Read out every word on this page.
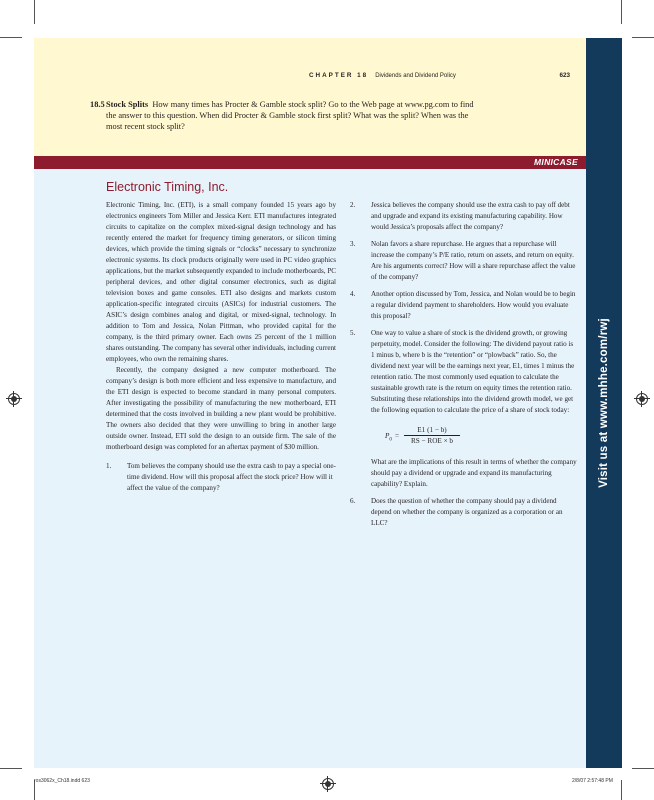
Visit us at www.mhhe.com/rwj
MINICASE
CHAPTER 18 Dividends and Dividend Policy	623
18.5 Stock Splits How many times has Procter & Gamble stock split? Go to the Web page at www.pg.com to find the answer to this question. When did Procter & Gamble stock first split? What was the split? When was the most recent stock split?
Electronic Timing, Inc.

Electronic Timing, Inc. (ETI), is a small company founded 15 years ago by electronics engineers Tom Miller and Jessica Kerr. ETI manufactures integrated circuits to capitalize on the complex mixed-signal design technology and has recently entered the market for frequency timing generators, or silicon timing devices, which provide the timing signals or “clocks” necessary to synchronize electronic systems. Its clock products originally were used in PC video graphics applications, but the market subsequently expanded to include motherboards, PC peripheral devices, and other digital consumer electronics, such as digital television boxes and game consoles. ETI also designs and markets custom application-specific integrated circuits (ASICs) for industrial customers. The ASIC’s design combines analog and digital, or mixed-signal, technology. In addition to Tom and Jessica, Nolan Pittman, who provided capital for the company, is the third primary owner. Each owns 25 percent of the 1 million shares outstanding. The company has several other individuals, including current employees, who own the remaining shares.

Recently, the company designed a new computer motherboard. The company’s design is both more efficient and less expensive to manufacture, and the ETI design is expected to become standard in many personal computers. After investigating the possibility of manufacturing the new motherboard, ETI determined that the costs involved in building a new plant would be prohibitive. The owners also decided that they were unwilling to bring in another large outside owner. Instead, ETI sold the design to an outside firm. The sale of the motherboard design was completed for an aftertax payment of $30 million.

1. Tom believes the company should use the extra cash to pay a special one-time dividend. How will this proposal affect the stock price? How will it affect the value of the company?

2. Jessica believes the company should use the extra cash to pay off debt and upgrade and expand its existing manufacturing capability. How would Jessica’s proposals affect the company?

3. Nolan favors a share repurchase. He argues that a repurchase will increase the company’s P/E ratio, return on assets, and return on equity. Are his arguments correct? How will a share repurchase affect the value of the company?

4. Another option discussed by Tom, Jessica, and Nolan would be to begin a regular dividend payment to shareholders. How would you evaluate this proposal?

5. One way to value a share of stock is the dividend growth, or growing perpetuity, model. Consider the following: The dividend payout ratio is 1 minus b, where b is the “retention” or “plowback” ratio. So, the dividend next year will be the earnings next year, E1, times 1 minus the retention ratio. The most commonly used equation to calculate the sustainable growth rate is the return on equity times the retention ratio. Substituting these relationships into the dividend growth model, we get the following equation to calculate the price of a share of stock today:

$P_0$ =
E1 (1 − b)
RS − ROE × b

What are the implications of this result in terms of whether the company should pay a dividend or upgrade and expand its manufacturing capability? Explain.

6. Does the question of whether the company should pay a dividend depend on whether the company is organized as a corporation or an LLC?

ros3062x_Ch18.indd 623	2/8/07 2:57:48 PM
